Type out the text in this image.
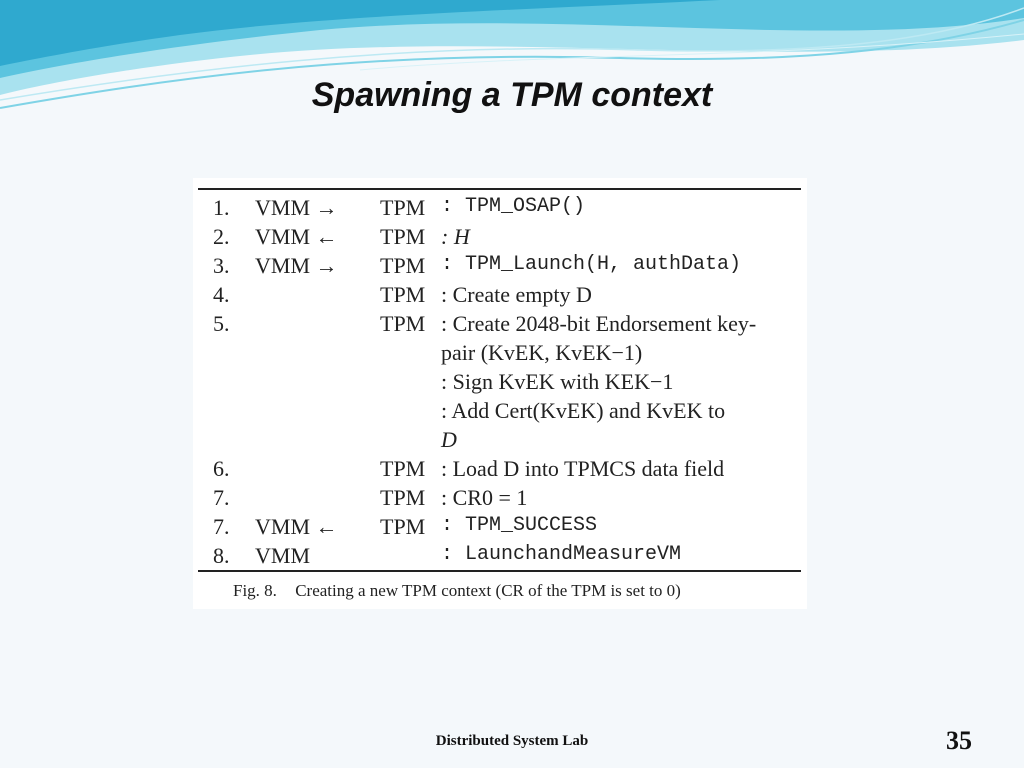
Spawning a TPM context
1. VMM → TPM : TPM_OSAP()
2. VMM ← TPM : H
3. VMM → TPM : TPM_Launch(H, authData)
4.	TPM : Create empty D
5.	TPM : Create 2048-bit Endorsement key-
pair (KvEK, KvEK−1)
: Sign KvEK with KEK−1
: Add Cert(KvEK) and KvEK to
D
6.	TPM : Load D into TPMCS data field
7.	TPM : CR0 = 1
7. VMM ← TPM : TPM_SUCCESS
8. VMM	: LaunchandMeasureVM
Fig. 8. Creating a new TPM context (CR of the TPM is set to 0)
Distributed System Lab	35
